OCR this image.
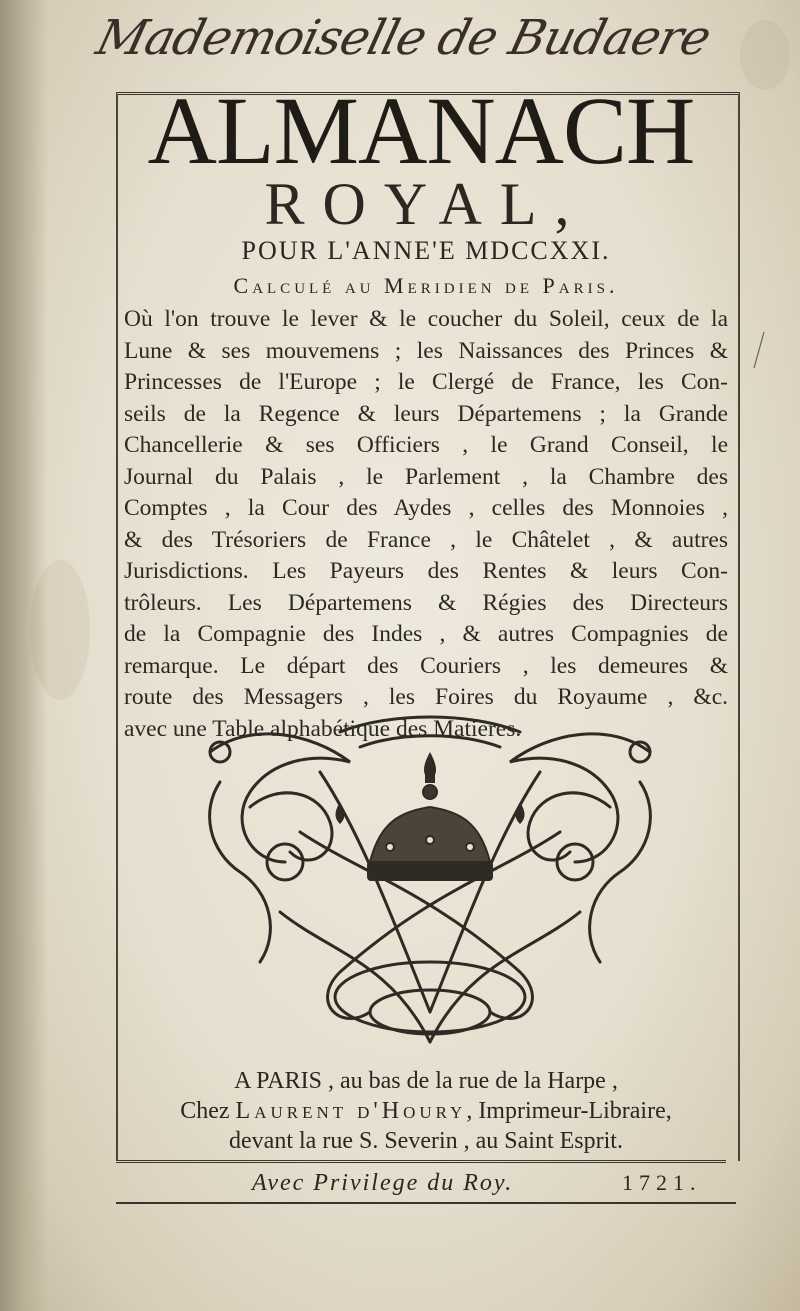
Mademoiselle de Budaere
ALMANACH
ROYAL,
POUR L'ANNE'E MDCCXXI.
Calculé au Meridien de Paris.
Où l'on trouve le lever & le coucher du Soleil, ceux de la
Lune & ses mouvemens ; les Naissances des Princes &
Princesses de l'Europe ; le Clergé de France, les Con-
seils de la Regence & leurs Départemens ; la Grande
Chancellerie & ses Officiers , le Grand Conseil, le
Journal du Palais , le Parlement , la Chambre des
Comptes , la Cour des Aydes , celles des Monnoies ,
& des Trésoriers de France , le Châtelet , & autres
Jurisdictions. Les Payeurs des Rentes & leurs Con-
trôleurs. Les Départemens & Régies des Directeurs
de la Compagnie des Indes , & autres Compagnies de
remarque. Le départ des Couriers , les demeures &
route des Messagers , les Foires du Royaume , &c.
avec une Table alphabétique des Matieres.
A PARIS , au bas de la rue de la Harpe ,
Chez Laurent d'Houry, Imprimeur-Libraire,
devant la rue S. Severin , au Saint Esprit.
Avec Privilege du Roy.	1721.
